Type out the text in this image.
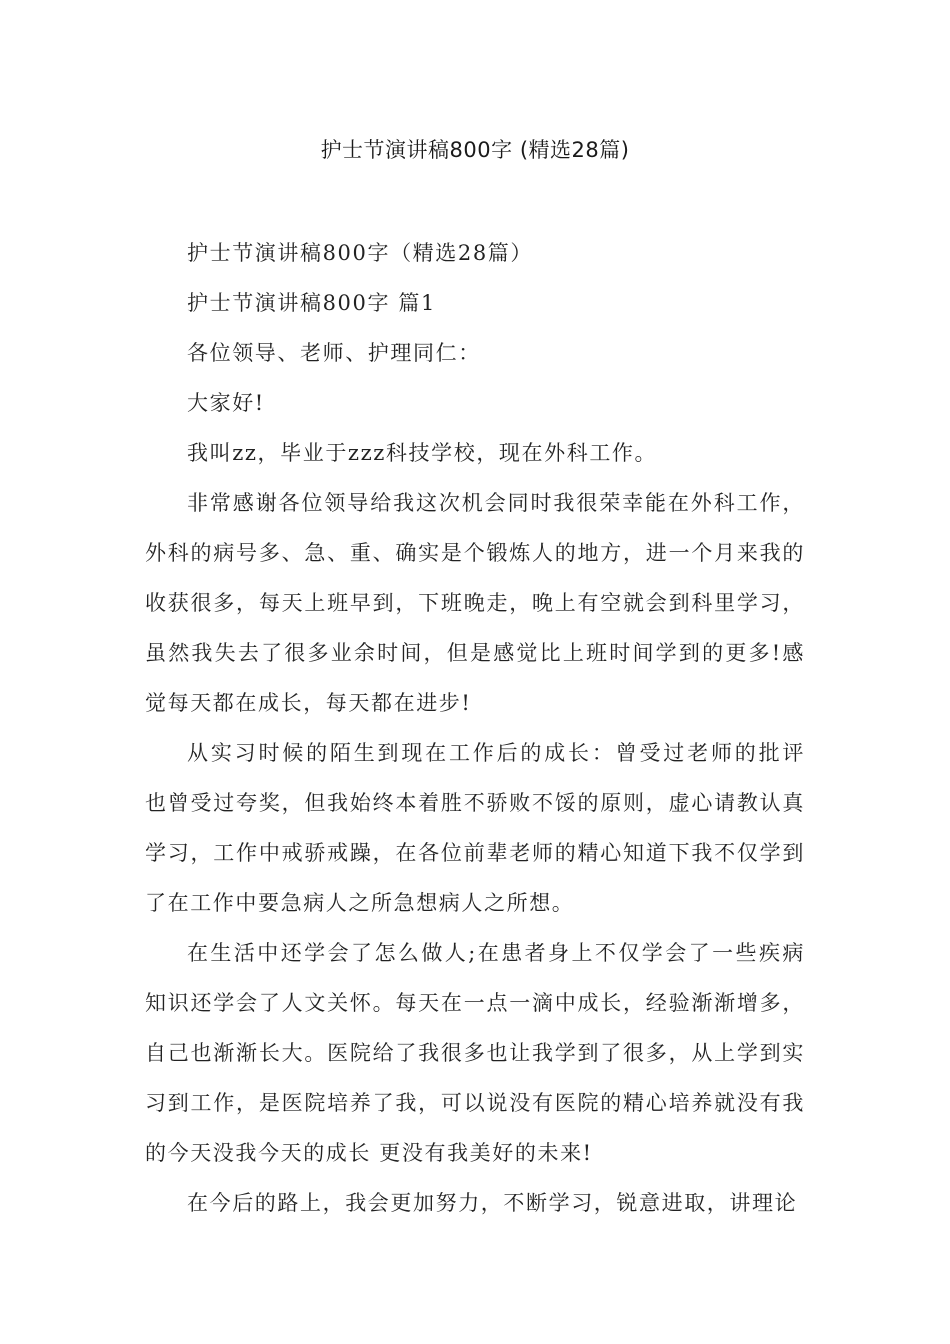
护士节演讲稿800字 (精选28篇)

护士节演讲稿800字（精选28篇）

护士节演讲稿800字 篇1

各位领导、老师、护理同仁：

大家好!

我叫zz，毕业于zzz科技学校，现在外科工作。

非常感谢各位领导给我这次机会同时我很荣幸能在外科工作，外科的病号多、急、重、确实是个锻炼人的地方，进一个月来我的收获很多，每天上班早到，下班晚走，晚上有空就会到科里学习，虽然我失去了很多业余时间，但是感觉比上班时间学到的更多!感觉每天都在成长，每天都在进步!

从实习时候的陌生到现在工作后的成长：曾受过老师的批评 也曾受过夸奖，但我始终本着胜不骄败不馁的原则，虚心请教认真学习，工作中戒骄戒躁，在各位前辈老师的精心知道下我不仅学到了在工作中要急病人之所急想病人之所想。

在生活中还学会了怎么做人;在患者身上不仅学会了一些疾病知识还学会了人文关怀。每天在一点一滴中成长，经验渐渐增多，自己也渐渐长大。医院给了我很多也让我学到了很多，从上学到实习到工作，是医院培养了我，可以说没有医院的精心培养就没有我的今天没我今天的成长 更没有我美好的未来!

在今后的路上，我会更加努力，不断学习，锐意进取，讲理论
